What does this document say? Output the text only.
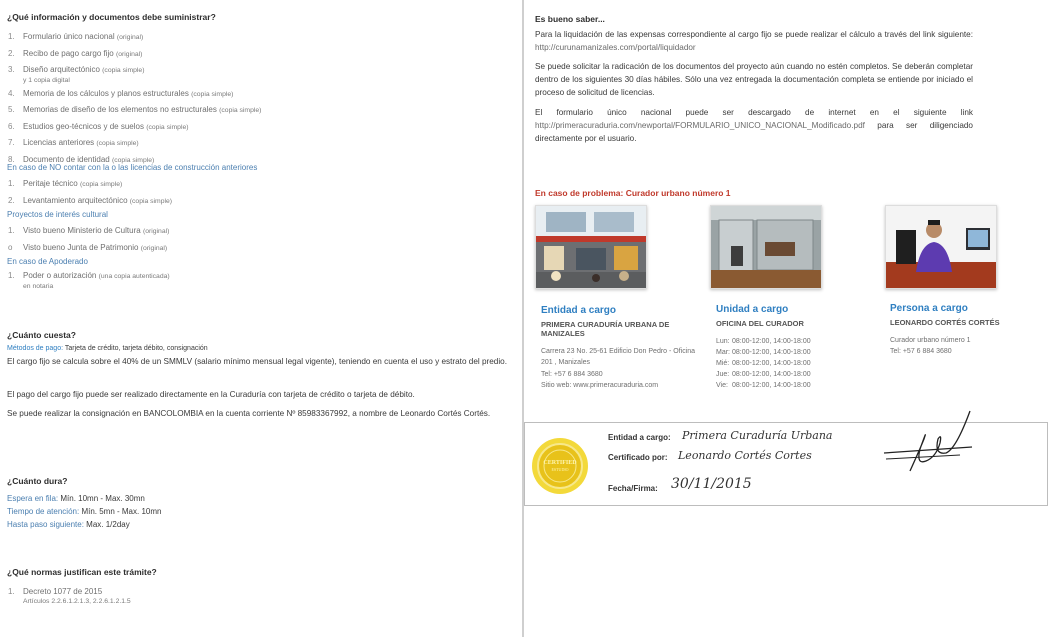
¿Qué información y documentos debe suministrar?
1. Formulario único nacional (original)
2. Recibo de pago cargo fijo (original)
3. Diseño arquitectónico (copia simple)
y 1 copia digital
4. Memoria de los cálculos y planos estructurales (copia simple)
5. Memorias de diseño de los elementos no estructurales (copia simple)
6. Estudios geo-técnicos y de suelos (copia simple)
7. Licencias anteriores (copia simple)
8. Documento de identidad (copia simple)
En caso de NO contar con la o las licencias de construcción anteriores
1. Peritaje técnico (copia simple)
2. Levantamiento arquitectónico (copia simple)
Proyectos de interés cultural
1. Visto bueno Ministerio de Cultura (original)
o Visto bueno Junta de Patrimonio (original)
En caso de Apoderado
1. Poder o autorización (una copia autenticada)
en notaria
¿Cuánto cuesta?
Métodos de pago: Tarjeta de crédito, tarjeta débito, consignación
El cargo fijo se calcula sobre el 40% de un SMMLV (salario mínimo mensual legal vigente), teniendo en cuenta el uso y estrato del predio.
El pago del cargo fijo puede ser realizado directamente en la Curaduría con tarjeta de crédito o tarjeta de débito.
Se puede realizar la consignación en BANCOLOMBIA en la cuenta corriente Nº 85983367992, a nombre de Leonardo Cortés Cortés.
¿Cuánto dura?
Espera en fila: Mín. 10mn - Max. 30mn
Tiempo de atención: Mín. 5mn - Max. 10mn
Hasta paso siguiente: Max. 1/2day
¿Qué normas justifican este trámite?
1. Decreto 1077 de 2015
Artículos 2.2.6.1.2.1.3, 2.2.6.1.2.1.5
Es bueno saber...
Para la liquidación de las expensas correspondiente al cargo fijo se puede realizar el cálculo a través del link siguiente: http://curunamanizales.com/portal/liquidador
Se puede solicitar la radicación de los documentos del proyecto aún cuando no estén completos. Se deberán completar dentro de los siguientes 30 días hábiles. Sólo una vez entregada la documentación completa se entiende por iniciado el proceso de solicitud de licencias.
El formulario único nacional puede ser descargado de internet en el siguiente link http://primeracuraduria.com/newportal/FORMULARIO_UNICO_NACIONAL_Modificado.pdf para ser diligenciado directamente por el usuario.
En caso de problema: Curador urbano número 1
Entidad a cargo
PRIMERA CURADURÍA URBANA DE MANIZALES
Carrera 23 No. 25-61 Edificio Don Pedro - Oficina 201 , Manizales
Tel: +57 6 884 3680
Sitio web: www.primeracuraduria.com
Unidad a cargo
OFICINA DEL CURADOR
Lun: 08:00-12:00, 14:00-18:00
Mar: 08:00-12:00, 14:00-18:00
Mié: 08:00-12:00, 14:00-18:00
Jue: 08:00-12:00, 14:00-18:00
Vie: 08:00-12:00, 14:00-18:00
Persona a cargo
LEONARDO CORTÉS CORTÉS
Curador urbano número 1
Tel: +57 6 884 3680
CERTIFIED
ESTUDIO
Entidad a cargo: Primera Curaduría Urbana
Certificado por: Leonardo Cortés Cortes
Fecha/Firma: 30/11/2015
